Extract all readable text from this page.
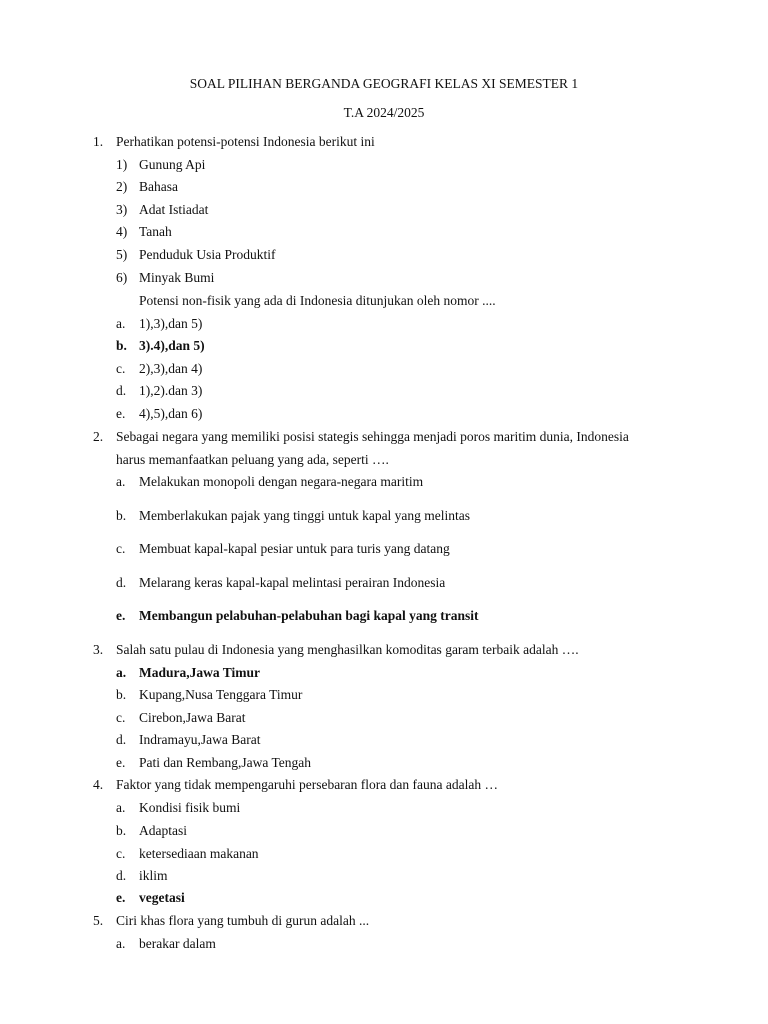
SOAL PILIHAN BERGANDA GEOGRAFI KELAS XI SEMESTER 1
T.A 2024/2025
1. Perhatikan potensi-potensi Indonesia berikut ini
1) Gunung Api
2) Bahasa
3) Adat Istiadat
4) Tanah
5) Penduduk Usia Produktif
6) Minyak Bumi
Potensi non-fisik yang ada di Indonesia ditunjukan oleh nomor ....
a. 1),3),dan 5)
b. 3).4),dan 5)
c. 2),3),dan 4)
d. 1),2).dan 3)
e. 4),5),dan 6)
2. Sebagai negara yang memiliki posisi stategis sehingga menjadi poros maritim dunia, Indonesia
harus memanfaatkan peluang yang ada, seperti ….
a. Melakukan monopoli dengan negara-negara maritim
b. Memberlakukan pajak yang tinggi untuk kapal yang melintas
c. Membuat kapal-kapal pesiar untuk para turis yang datang
d. Melarang keras kapal-kapal melintasi perairan Indonesia
e. Membangun pelabuhan-pelabuhan bagi kapal yang transit
3. Salah satu pulau di Indonesia yang menghasilkan komoditas garam terbaik adalah ….
a. Madura,Jawa Timur
b. Kupang,Nusa Tenggara Timur
c. Cirebon,Jawa Barat
d. Indramayu,Jawa Barat
e. Pati dan Rembang,Jawa Tengah
4. Faktor yang tidak mempengaruhi persebaran flora dan fauna adalah …
a. Kondisi fisik bumi
b. Adaptasi
c. ketersediaan makanan
d. iklim
e. vegetasi
5. Ciri khas flora yang tumbuh di gurun adalah ...
a. berakar dalam
